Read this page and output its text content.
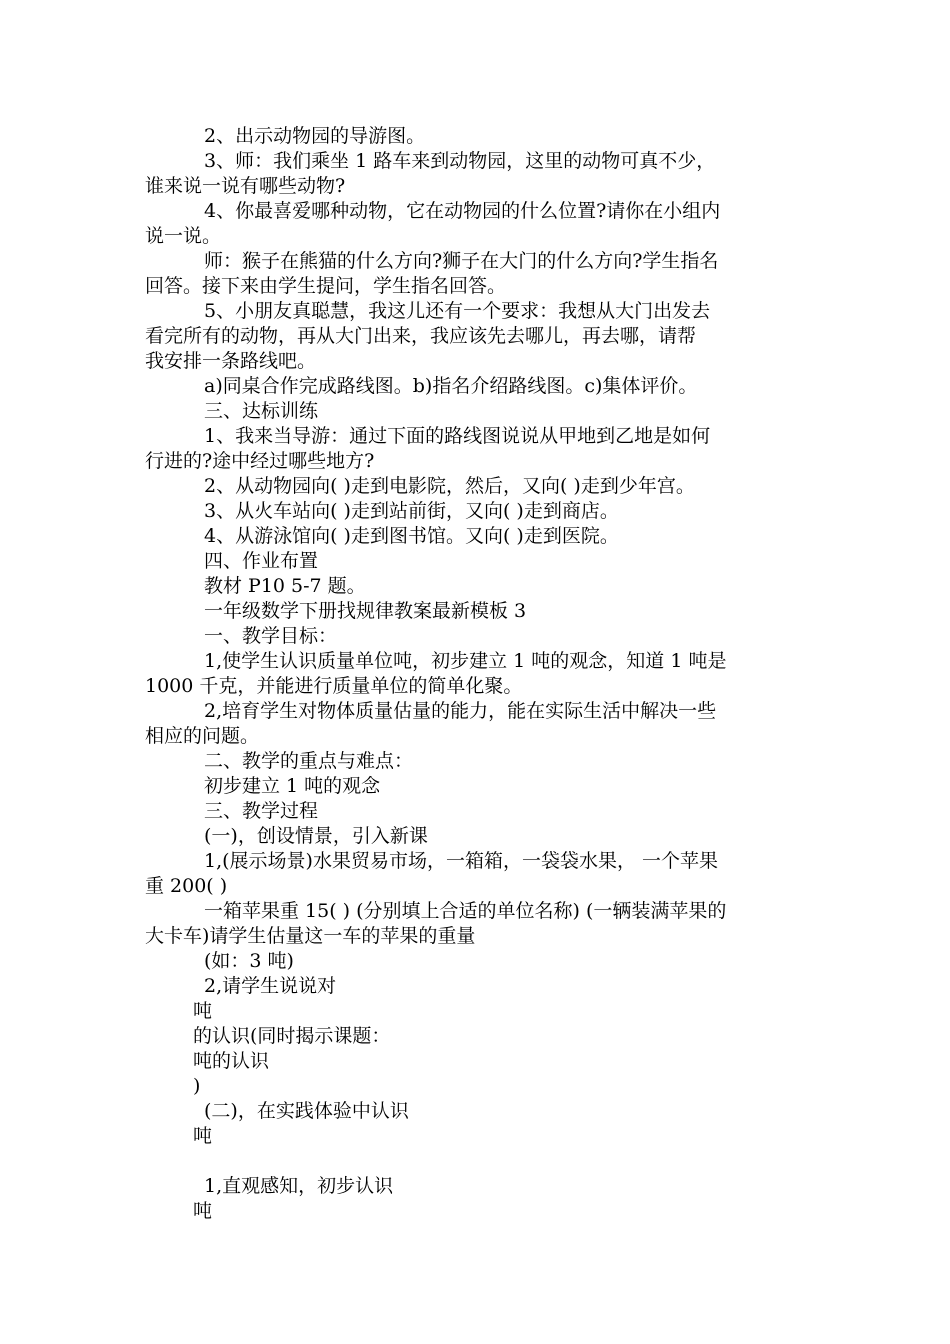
2、出示动物园的导游图。
3、师：我们乘坐 1 路车来到动物园，这里的动物可真不少，
谁来说一说有哪些动物?
4、你最喜爱哪种动物，它在动物园的什么位置?请你在小组内
说一说。
师：猴子在熊猫的什么方向?狮子在大门的什么方向?学生指名
回答。接下来由学生提问，学生指名回答。
5、小朋友真聪慧，我这儿还有一个要求：我想从大门出发去
看完所有的动物，再从大门出来，我应该先去哪儿，再去哪，请帮
我安排一条路线吧。
a)同桌合作完成路线图。b)指名介绍路线图。c)集体评价。
三、达标训练
1、我来当导游：通过下面的路线图说说从甲地到乙地是如何
行进的?途中经过哪些地方?
2、从动物园向( )走到电影院，然后，又向( )走到少年宫。
3、从火车站向( )走到站前街，又向( )走到商店。
4、从游泳馆向( )走到图书馆。又向( )走到医院。
四、作业布置
教材 P10 5-7 题。
一年级数学下册找规律教案最新模板 3
一、教学目标：
1,使学生认识质量单位吨，初步建立 1 吨的观念，知道 1 吨是
1000 千克，并能进行质量单位的简单化聚。
2,培育学生对物体质量估量的能力，能在实际生活中解决一些
相应的问题。
二、教学的重点与难点：
初步建立 1 吨的观念
三、教学过程
(一)，创设情景，引入新课
1,(展示场景)水果贸易市场，一箱箱，一袋袋水果， 一个苹果
重 200( )
一箱苹果重 15( ) (分别填上合适的单位名称) (一辆装满苹果的
大卡车)请学生估量这一车的苹果的重量
(如：3 吨)
2,请学生说说对
吨
的认识(同时揭示课题：
吨的认识
)
(二)，在实践体验中认识
吨
1,直观感知，初步认识
吨
